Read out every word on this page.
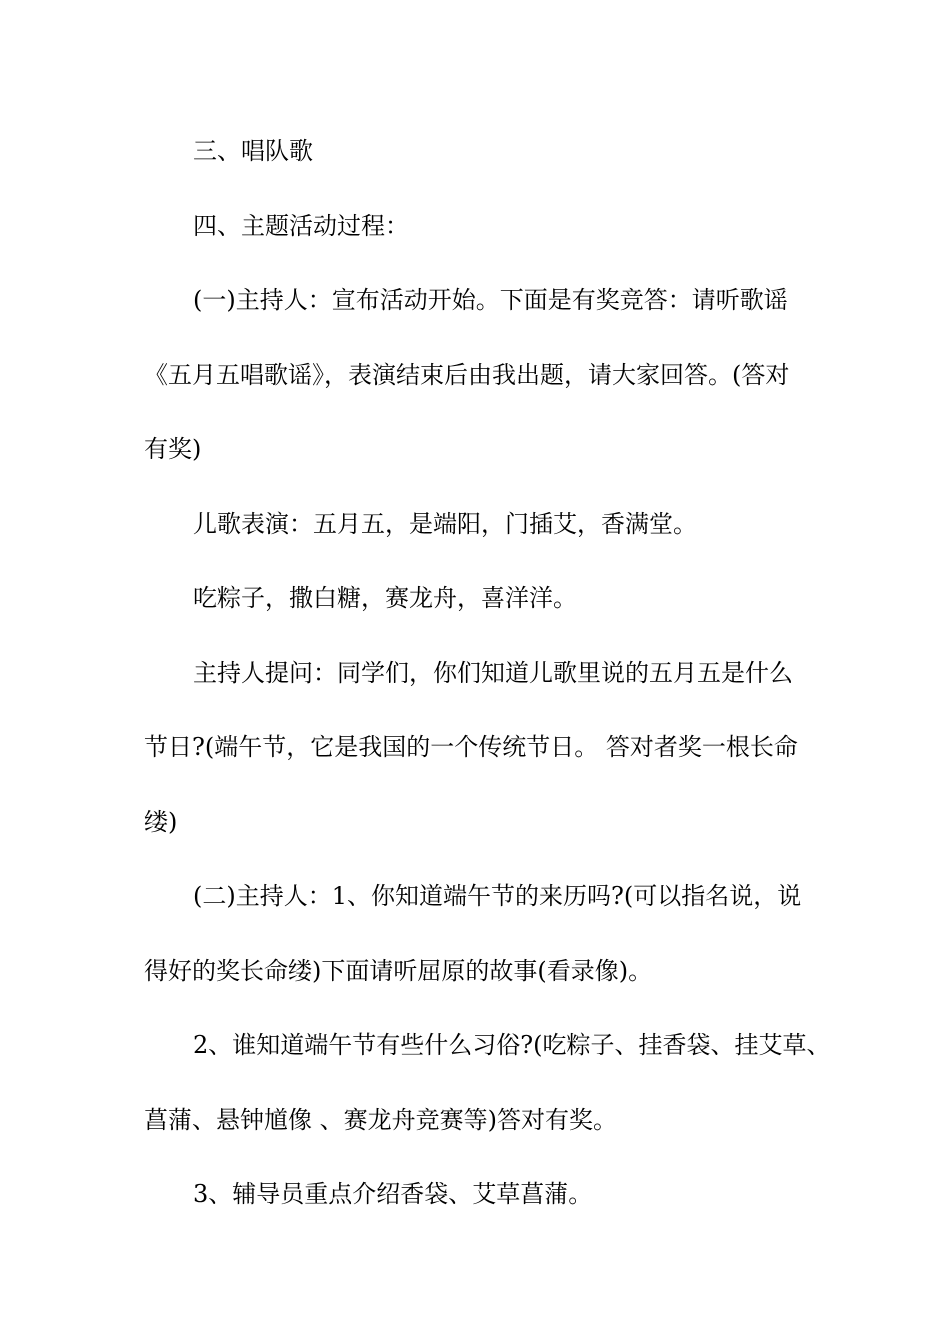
三、唱队歌
四、主题活动过程：
(一)主持人：宣布活动开始。下面是有奖竞答：请听歌谣
《五月五唱歌谣》，表演结束后由我出题，请大家回答。(答对
有奖)
儿歌表演：五月五，是端阳，门插艾，香满堂。
吃粽子，撒白糖，赛龙舟，喜洋洋。
主持人提问：同学们，你们知道儿歌里说的五月五是什么
节日?(端午节，它是我国的一个传统节日。 答对者奖一根长命
缕)
(二)主持人：1、你知道端午节的来历吗?(可以指名说，说
得好的奖长命缕)下面请听屈原的故事(看录像)。
2、谁知道端午节有些什么习俗?(吃粽子、挂香袋、挂艾草、
菖蒲、悬钟馗像 、赛龙舟竞赛等)答对有奖。
3、辅导员重点介绍香袋、艾草菖蒲。
